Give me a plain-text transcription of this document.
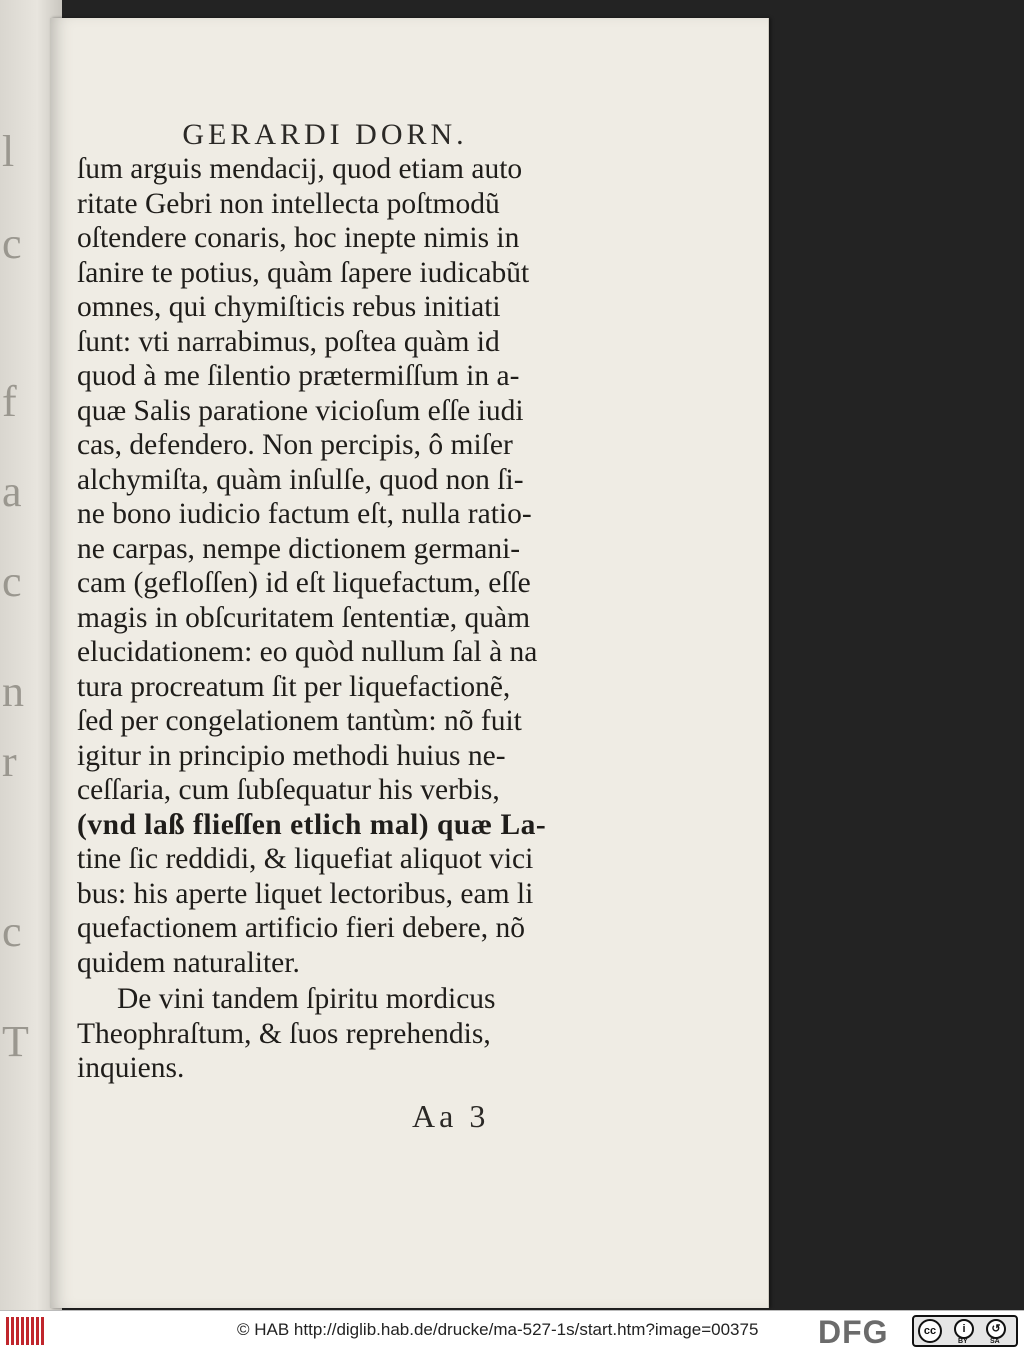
l
c
f
a
c
n
r
c
T
GERARDI DORN.
ſum arguis mendacij, quod etiam auto
ritate Gebri non intellecta poſtmodũ
oſtendere conaris, hoc inepte nimis in
ſanire te potius, quàm ſapere iudicabũt
omnes, qui chymiſticis rebus initiati
ſunt: vti narrabimus, poſtea quàm id
quod à me ſilentio prætermiſſum in a-
quæ Salis paratione vicioſum eſſe iudi
cas, defendero. Non percipis, ô miſer
alchymiſta, quàm inſulſe, quod non ſi-
ne bono iudicio factum eſt, nulla ratio-
ne carpas, nempe dictionem germani-
cam (gefloſſen) id eſt liquefactum, eſſe
magis in obſcuritatem ſententiæ, quàm
elucidationem: eo quòd nullum ſal à na
tura procreatum ſit per liquefactionẽ,
ſed per congelationem tantùm: nõ fuit
igitur in principio methodi huius ne-
ceſſaria, cum ſubſequatur his verbis,
(vnd laß flieſſen etlich mal) quæ La-
tine ſic reddidi, & liquefiat aliquot vici
bus: his aperte liquet lectoribus, eam li
quefactionem artificio fieri debere, nõ
quidem naturaliter.
De vini tandem ſpiritu mordicus
Theophraſtum, & ſuos reprehendis,
inquiens.
Aa 3
© HAB http://diglib.hab.de/drucke/ma-527-1s/start.htm?image=00375 DFG	cc	i	↺
BY	SA
